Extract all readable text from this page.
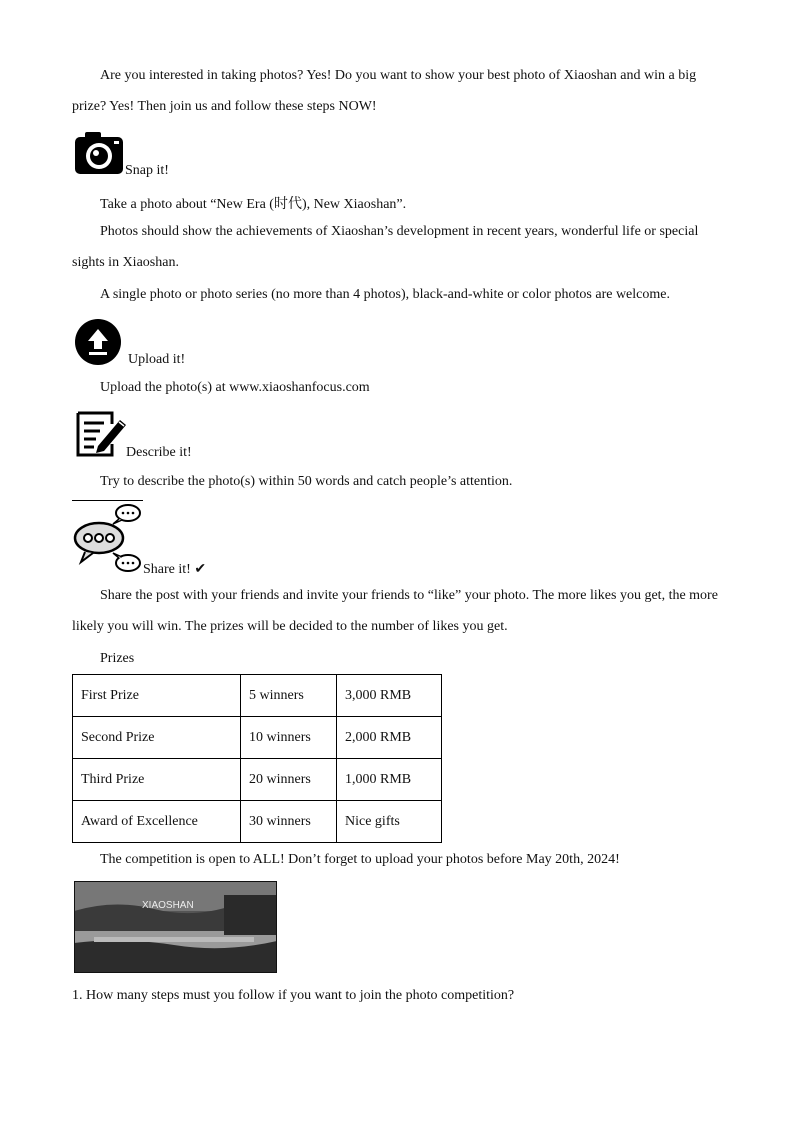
Are you interested in taking photos? Yes! Do you want to show your best photo of Xiaoshan and win a big
prize? Yes! Then join us and follow these steps NOW!
Snap it!
Take a photo about “New Era (时代), New Xiaoshan”.
Photos should show the achievements of Xiaoshan’s development in recent years, wonderful life or special
sights in Xiaoshan.
A single photo or photo series (no more than 4 photos), black-and-white or color photos are welcome.
Upload it!
Upload the photo(s) at www.xiaoshanfocus.com
Describe it!
Try to describe the photo(s) within 50 words and catch people’s attention.
Share it! ✔
Share the post with your friends and invite your friends to “like” your photo. The more likes you get, the more
likely you will win. The prizes will be decided to the number of likes you get.
Prizes
First Prize	5 winners	3,000 RMB
Second Prize	10 winners	2,000 RMB
Third Prize	20 winners	1,000 RMB
Award of Excellence	30 winners	Nice gifts
The competition is open to ALL! Don’t forget to upload your photos before May 20th, 2024!
XIAOSHAN
1. How many steps must you follow if you want to join the photo competition?
